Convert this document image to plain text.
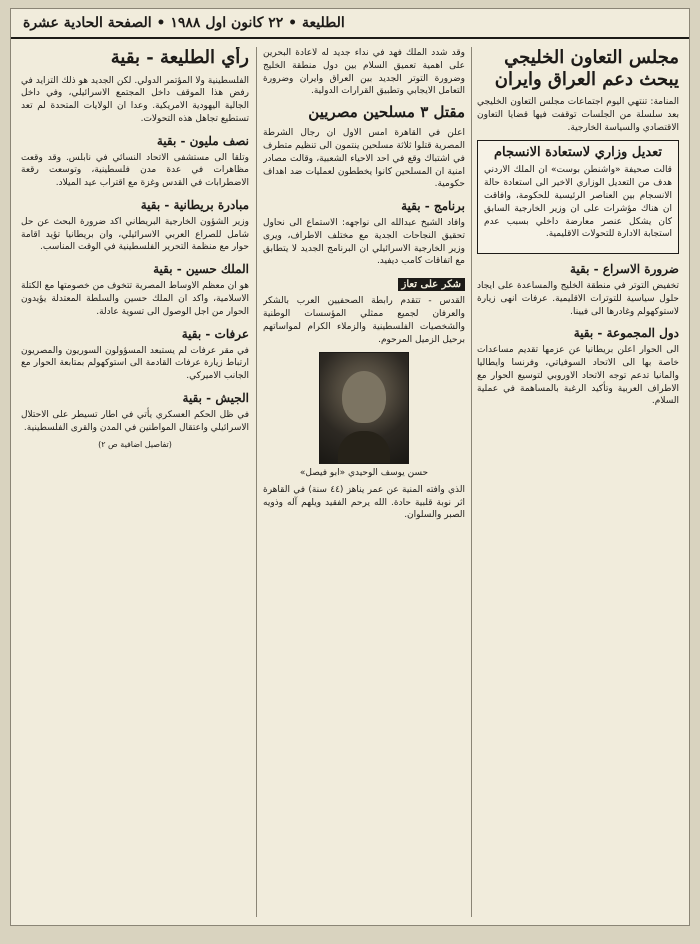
الطليعة • ٢٢ كانون اول ١٩٨٨ • الصفحة الحادية عشرة
مجلس التعاون الخليجي يبحث دعم العراق وايران

المنامة: تنتهي اليوم اجتماعات مجلس التعاون الخليجي بعد سلسلة من الجلسات توقفت فيها قضايا التعاون الاقتصادي والسياسة الخارجية.

تعديل وزاري لاستعادة الانسجام

قالت صحيفة «واشنطن بوست» ان الملك الاردني هدف من التعديل الوزاري الاخير الى استعادة حالة الانسجام بين العناصر الرئيسية للحكومة، وافاقت ان هناك مؤشرات على ان وزير الخارجية السابق كان يشكل عنصر معارضة داخلي بسبب عدم استجابة الادارة للتحولات الاقليمية.

ضرورة الاسراع - بقية

تخفيض التوتر في منطقة الخليج والمساعدة على ايجاد حلول سياسية للتوترات الاقليمية. عرفات انهى زيارة لاستوكهولم وغادرها الى فيينا.

دول المجموعة - بقية

الى الحوار اعلن بريطانيا عن عزمها تقديم مساعدات خاصة بها الى الاتحاد السوفياتي، وفرنسا وايطاليا والمانيا تدعم توجه الاتحاد الاوروبي لتوسيع الحوار مع الاطراف العربية وتأكيد الرغبة بالمساهمة في عملية السلام.

وقد شدد الملك فهد في نداء جديد له لاعادة البحرين على اهمية تعميق السلام بين دول منطقة الخليج وضرورة التوتر الجديد بين العراق وايران وضرورة التعامل الايجابي وتطبيق القرارات الدولية.

مقتل ٣ مسلحين مصريين

اعلن في القاهرة امس الاول ان رجال الشرطة المصرية قتلوا ثلاثة مسلحين ينتمون الى تنظيم متطرف في اشتباك وقع في احد الاحياء الشعبية، وقالت مصادر امنية ان المسلحين كانوا يخططون لعمليات ضد اهداف حكومية.

برنامج - بقية

وافاد الشيخ عبدالله الى نواجهه: الاستماع الى نحاول تحقيق النجاحات الجدية مع مختلف الاطراف، ويرى وزير الخارجية الاسرائيلي ان البرنامج الجديد لا يتطابق مع اتفاقات كامب ديفيد.

شكر على تعاز

القدس - تتقدم رابطة الصحفيين العرب بالشكر والعرفان لجميع ممثلي المؤسسات الوطنية والشخصيات الفلسطينية والزملاء الكرام لمواساتهم برحيل الزميل المرحوم.

حسن يوسف الوحيدي «ابو فيصل»

الذي وافته المنية عن عمر يناهز (٤٤ سنة) في القاهرة اثر نوبة قلبية حادة. الله يرحم الفقيد ويلهم آله وذويه الصبر والسلوان.

رأي الطليعة - بقية

الفلسطينية ولا المؤتمر الدولي. لكن الجديد هو ذلك التزايد في رفض هذا الموقف داخل المجتمع الاسرائيلي، وفي داخل الجالية اليهودية الامريكية. وعدا ان الولايات المتحدة لم تعد تستطيع تجاهل هذه التحولات.

نصف مليون - بقية

وتلقا الى مستشفى الاتحاد النسائي في نابلس. وقد وقعت مظاهرات في عدة مدن فلسطينية، وتوسعت رقعة الاضطرابات في القدس وغزة مع اقتراب عيد الميلاد.

مبادرة بريطانية - بقية

وزير الشؤون الخارجية البريطاني اكد ضرورة البحث عن حل شامل للصراع العربي الاسرائيلي، وان بريطانيا تؤيد اقامة حوار مع منظمة التحرير الفلسطينية في الوقت المناسب.

الملك حسين - بقية

هو ان معظم الاوساط المصرية تتخوف من خصومتها مع الكتلة الاسلامية، واكد ان الملك حسين والسلطة المعتدلة يؤيدون الحوار من اجل الوصول الى تسوية عادلة.

عرفات - بقية

في مقر عرفات لم يستبعد المسؤولون السوريون والمصريون ارتباط زيارة عرفات القادمة الى استوكهولم بمتابعة الحوار مع الجانب الاميركي.

الجيش - بقية

في ظل الحكم العسكري يأتي في اطار تسيطر على الاحتلال الاسرائيلي واعتقال المواطنين في المدن والقرى الفلسطينية.

(تفاصيل اضافية ص ٢)
